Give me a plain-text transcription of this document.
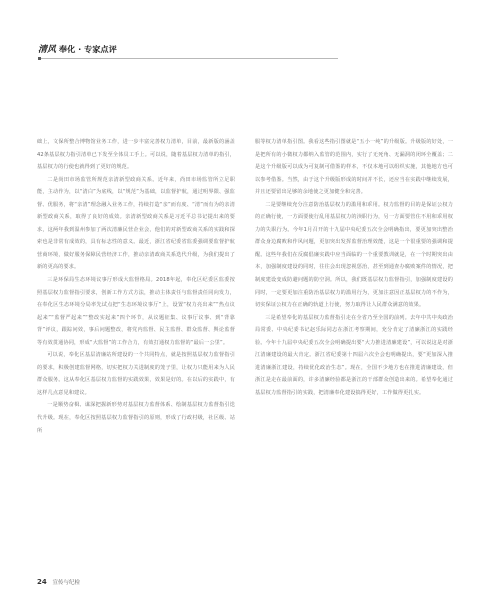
清风 奉化 · 专家点评

础上，文保所整合博物馆业务工作，进一步丰富完善权力清单，目前，最新版的涵盖42条基层权力指引清单已下发至全体员工手上。可以说，随着基层权力清单的指引，基层权力的行使也就得到了更好的规范。

二是尚田市场监管所规范亲清新型政商关系。近年来，尚田市场监管所立足职能，主动作为，以“清白”为底线，以“规范”为基础，以监督护航，通过明界限、强监督、优服务，将“亲清”理念融入业务工作，持续打造“亲”而有度、“清”而有为的亲清新型政商关系，取得了良好的成效。亲清新型政商关系是习近平总书记提出来的要求，这两年我到温州参加了两次清廉民营企业会，他们的对新型政商关系的实践和探索也是非常有成效的，具有标志性的意义。最近，浙江省纪委省监委强调要监督护航营商环境，做好服务保障民营经济工作，推动亲清政商关系迭代升级，为我们提出了新的更高的要求。

三是环保局生态环境议事厅形成大监督格局。2018年起，奉化区纪委区监委按照基层权力监督指引要求，创新工作方式方法，推动主体责任与监督责任同向发力，在奉化区生态环境分局率先试点把“生态环境议事厅”上，设置“权力亮出来”“热点议起来”“监督严起来”“整改实起来”四个环节，从议题征集、议事厅议事、到“背靠背”评议，跟踪问效，事后问题整改，将党内监督、民主监督、群众监督、舆论监督等有效贯通协同，形成“大监督”的工作合力，有效打通权力监督的“最后一公里”。

可以说，奉化区基层清廉站所建设的一个共同特点，就是按照基层权力监督指引的要求，积极创建监督网格，切实把权力关进制度的笼子里，让权力只能用来为人民群众服务。这从奉化区基层权力监督的实践效果，效果是好的。在以后的实践中，有这样几点意见和建议。

一是顺势奋楫、谋深把握新形势对基层权力监督体系、绘制基层权力监督指引迭代升级。现在，奉化区按照基层权力监督指引的原则，形成了行政村级，社区级、站所

服等权力清单指引图。我看这些指引图就是“五小一纯”的升级版。升级版的好处，一是把所有的小微权力都纳入监管的范围内，实行了无死角、无漏洞的闭环全覆盖；二是这个升级版可以成为可复制可借鉴的样本，不仅本地可以组织实施，其他地方也可以参考借鉴。当然，由于这个升级版形成的时间并不长，还应当在实践中继续发展，并且还要留出足够的余地使之更加健全和完善。

二是要继续充分注意防治基层权力的滥用和乖用。权力监督的目的是保证公权力的正确行使，一方面要使行乱用基层权力的渎职行为，另一方面要管住不用和乖用权力的失职行为。今年1月召开的十九届中央纪委五次全会明确指出，要更加突出整治群众身边腐败和作风问题，更加突出发挥监督治理效能，这是一个很重要的强调和提醒。这些年我们在反腐倡廉实践中应当面临的一个重要教训就是，在一个时期突出由本，加强制度建设的同时，往往会出现忽视惩治，甚至到通查办腐败案件的情况，把制度建设变成防避问题的防空洞。所以，我们既基层权力监督指引，加强制度建设的同时，一定要更加注重防治基层权力的滥用行为，更加注意因正基层权力的不作为，切实保证公权力在正确的轨道上行使，努力取得让人民群众满意的效果。

三是希望奉化的基层权力监督指引走在全省乃至全国的前列。去年中共中央政治局常委、中央纪委书记赵乐际同志在浙江考察期间，充分肯定了清廉浙江的实践经验。今年十九届中央纪委五次全会明确提出要“大力推进清廉建设”，可以说这是对浙江清廉建设的最大肯定。浙江省纪委第十四届六次全会也明确提出，要“更加深入推进清廉浙江建设，持续优化政治生态”。现在，全国不少地方也在推进清廉建设，但浙江是走在最前面的，许多清廉经验都是浙江的干部群众创造出来的。希望奉化通过基层权力监督指引的实践，把清廉奉化建设搞得更好，工作做得更扎实。

24 宣传与纪检
